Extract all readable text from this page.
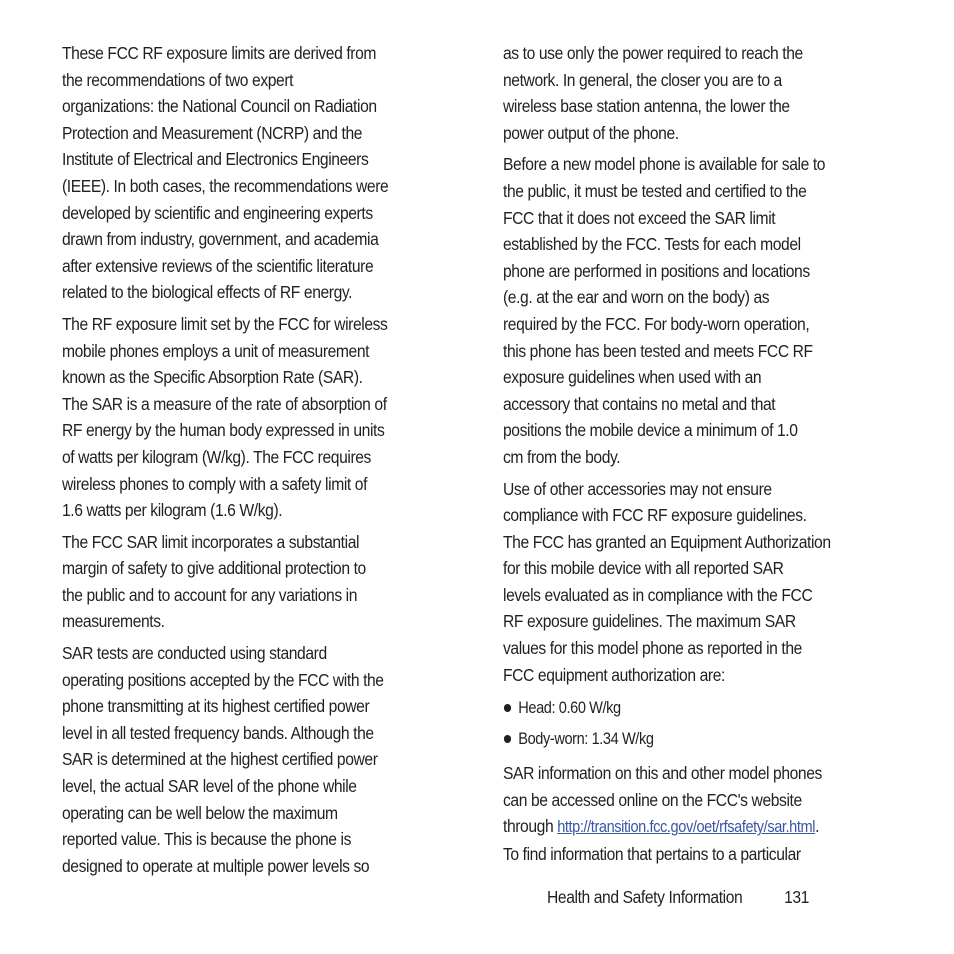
These FCC RF exposure limits are derived from
the recommendations of two expert
organizations: the National Council on Radiation
Protection and Measurement (NCRP) and the
Institute of Electrical and Electronics Engineers
(IEEE). In both cases, the recommendations were
developed by scientific and engineering experts
drawn from industry, government, and academia
after extensive reviews of the scientific literature
related to the biological effects of RF energy.

The RF exposure limit set by the FCC for wireless
mobile phones employs a unit of measurement
known as the Specific Absorption Rate (SAR).
The SAR is a measure of the rate of absorption of
RF energy by the human body expressed in units
of watts per kilogram (W/kg). The FCC requires
wireless phones to comply with a safety limit of
1.6 watts per kilogram (1.6 W/kg).

The FCC SAR limit incorporates a substantial
margin of safety to give additional protection to
the public and to account for any variations in
measurements.

SAR tests are conducted using standard
operating positions accepted by the FCC with the
phone transmitting at its highest certified power
level in all tested frequency bands. Although the
SAR is determined at the highest certified power
level, the actual SAR level of the phone while
operating can be well below the maximum
reported value. This is because the phone is
designed to operate at multiple power levels so

as to use only the power required to reach the
network. In general, the closer you are to a
wireless base station antenna, the lower the
power output of the phone.

Before a new model phone is available for sale to
the public, it must be tested and certified to the
FCC that it does not exceed the SAR limit
established by the FCC. Tests for each model
phone are performed in positions and locations
(e.g. at the ear and worn on the body) as
required by the FCC. For body-worn operation,
this phone has been tested and meets FCC RF
exposure guidelines when used with an
accessory that contains no metal and that
positions the mobile device a minimum of 1.0
cm from the body.

Use of other accessories may not ensure
compliance with FCC RF exposure guidelines.
The FCC has granted an Equipment Authorization
for this mobile device with all reported SAR
levels evaluated as in compliance with the FCC
RF exposure guidelines. The maximum SAR
values for this model phone as reported in the
FCC equipment authorization are:

Head: 0.60 W/kg
Body-worn: 1.34 W/kg

SAR information on this and other model phones
can be accessed online on the FCC's website
through http://transition.fcc.gov/oet/rfsafety/sar.html.
To find information that pertains to a particular

Health and Safety Information 131
